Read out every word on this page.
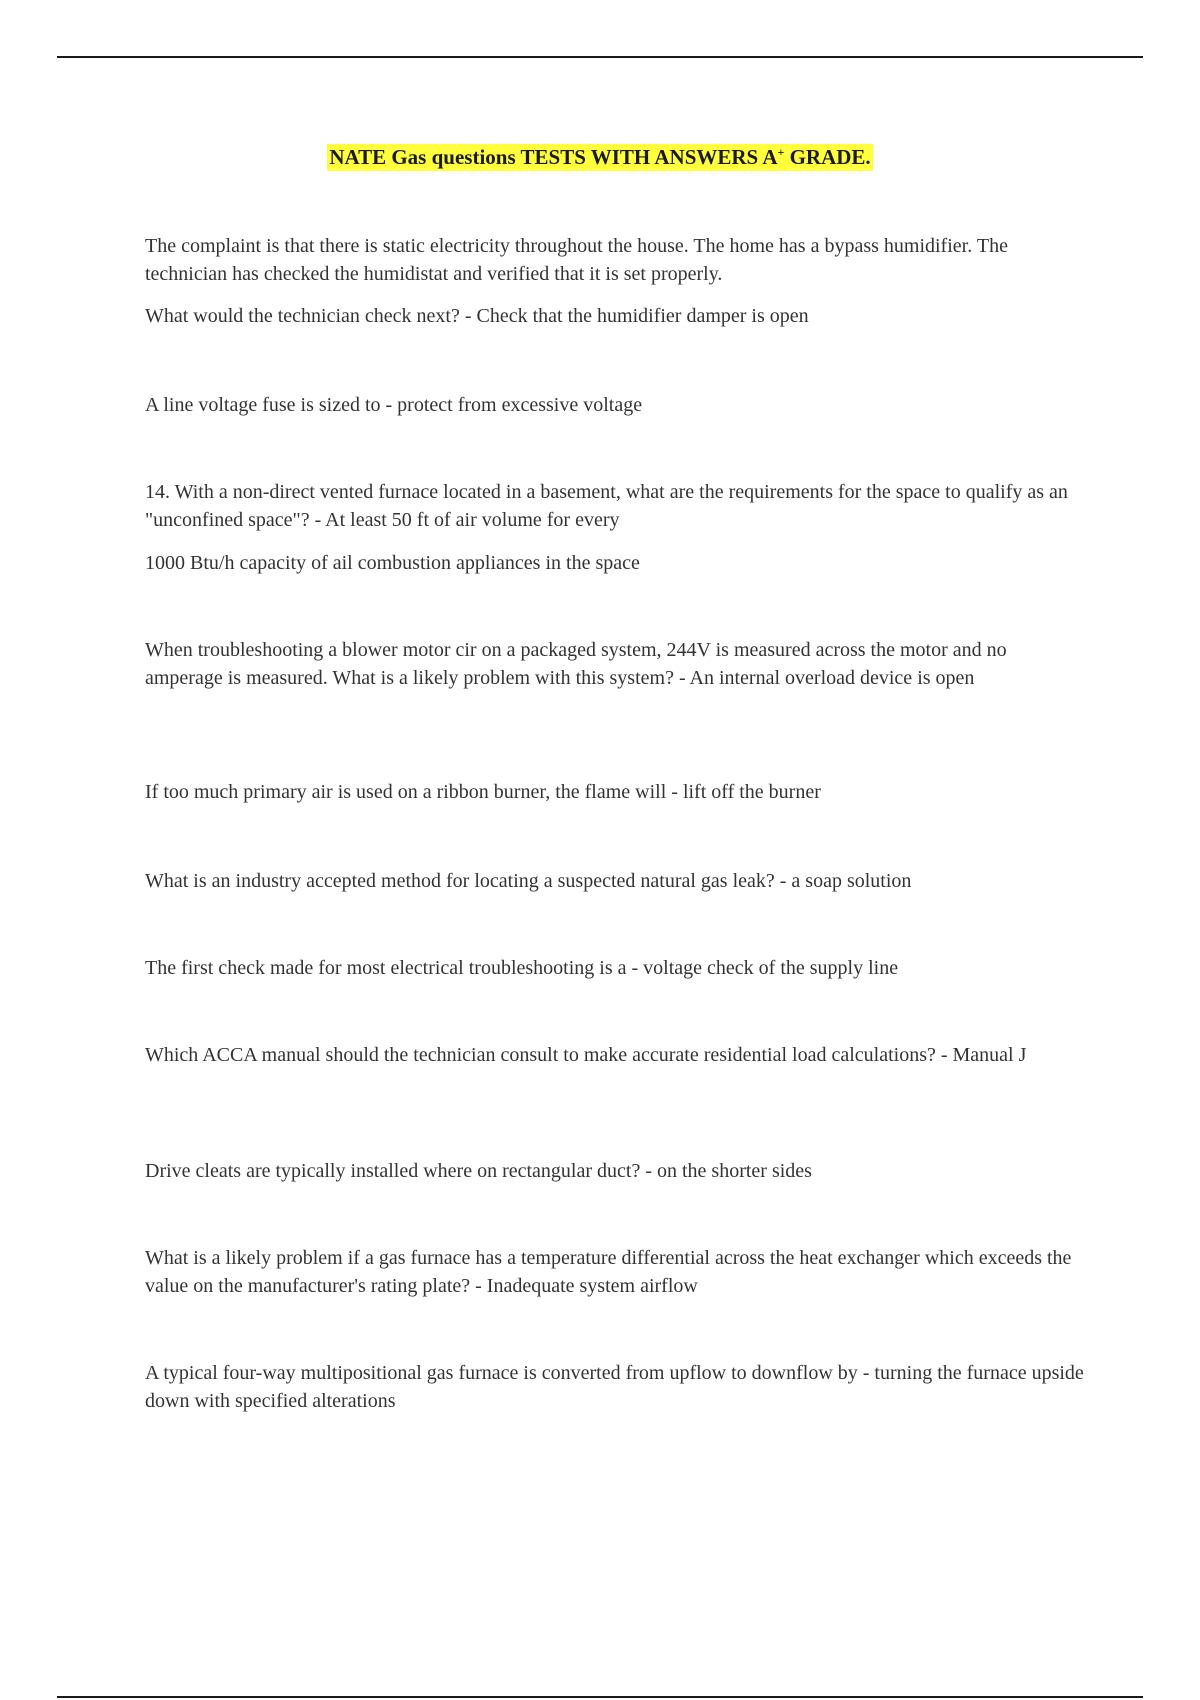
NATE Gas questions TESTS WITH ANSWERS A+ GRADE.

The complaint is that there is static electricity throughout the house. The home has a bypass humidifier. The technician has checked the humidistat and verified that it is set properly.

What would the technician check next? - Check that the humidifier damper is open

A line voltage fuse is sized to - protect from excessive voltage

14. With a non-direct vented furnace located in a basement, what are the requirements for the space to qualify as an "unconfined space"? - At least 50 ft of air volume for every

1000 Btu/h capacity of ail combustion appliances in the space

When troubleshooting a blower motor cir on a packaged system, 244V is measured across the motor and no amperage is measured. What is a likely problem with this system? - An internal overload device is open

If too much primary air is used on a ribbon burner, the flame will - lift off the burner

What is an industry accepted method for locating a suspected natural gas leak? - a soap solution

The first check made for most electrical troubleshooting is a - voltage check of the supply line

Which ACCA manual should the technician consult to make accurate residential load calculations? - Manual J

Drive cleats are typically installed where on rectangular duct? - on the shorter sides

What is a likely problem if a gas furnace has a temperature differential across the heat exchanger which exceeds the value on the manufacturer's rating plate? - Inadequate system airflow

A typical four-way multipositional gas furnace is converted from upflow to downflow by - turning the furnace upside down with specified alterations
